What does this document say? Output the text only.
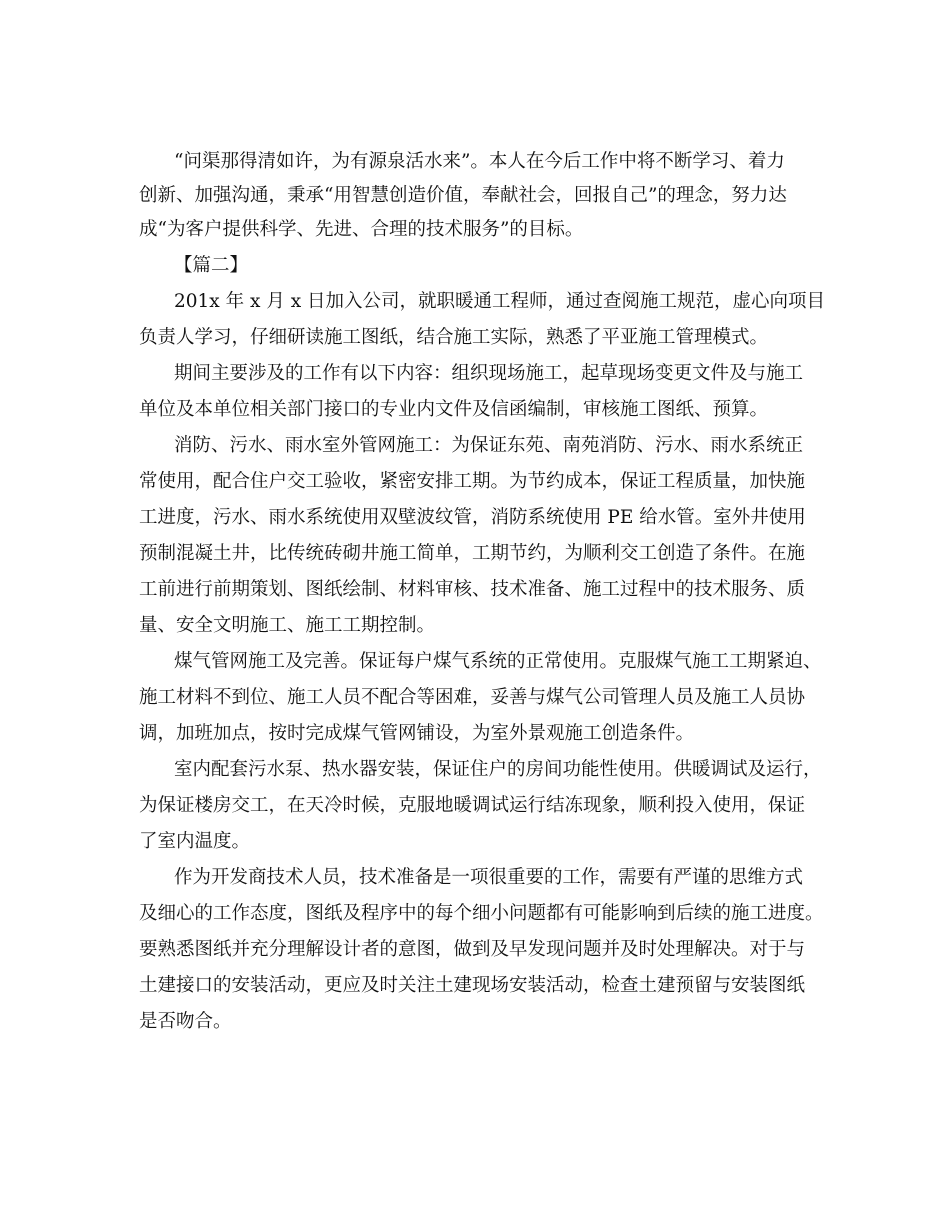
“问渠那得清如许，为有源泉活水来”。本人在今后工作中将不断学习、着力
创新、加强沟通，秉承“用智慧创造价值，奉献社会，回报自己”的理念，努力达
成“为客户提供科学、先进、合理的技术服务”的目标。
【篇二】
201x 年 x 月 x 日加入公司，就职暖通工程师，通过查阅施工规范，虚心向项目
负责人学习，仔细研读施工图纸，结合施工实际，熟悉了平亚施工管理模式。
期间主要涉及的工作有以下内容：组织现场施工，起草现场变更文件及与施工
单位及本单位相关部门接口的专业内文件及信函编制，审核施工图纸、预算。
消防、污水、雨水室外管网施工：为保证东苑、南苑消防、污水、雨水系统正
常使用，配合住户交工验收，紧密安排工期。为节约成本，保证工程质量，加快施
工进度，污水、雨水系统使用双壁波纹管，消防系统使用 PE 给水管。室外井使用
预制混凝土井，比传统砖砌井施工简单，工期节约，为顺利交工创造了条件。在施
工前进行前期策划、图纸绘制、材料审核、技术准备、施工过程中的技术服务、质
量、安全文明施工、施工工期控制。
煤气管网施工及完善。保证每户煤气系统的正常使用。克服煤气施工工期紧迫、
施工材料不到位、施工人员不配合等困难，妥善与煤气公司管理人员及施工人员协
调，加班加点，按时完成煤气管网铺设，为室外景观施工创造条件。
室内配套污水泵、热水器安装，保证住户的房间功能性使用。供暖调试及运行，
为保证楼房交工，在天冷时候，克服地暖调试运行结冻现象，顺利投入使用，保证
了室内温度。
作为开发商技术人员，技术准备是一项很重要的工作，需要有严谨的思维方式
及细心的工作态度，图纸及程序中的每个细小问题都有可能影响到后续的施工进度。
要熟悉图纸并充分理解设计者的意图，做到及早发现问题并及时处理解决。对于与
土建接口的安装活动，更应及时关注土建现场安装活动，检查土建预留与安装图纸
是否吻合。
